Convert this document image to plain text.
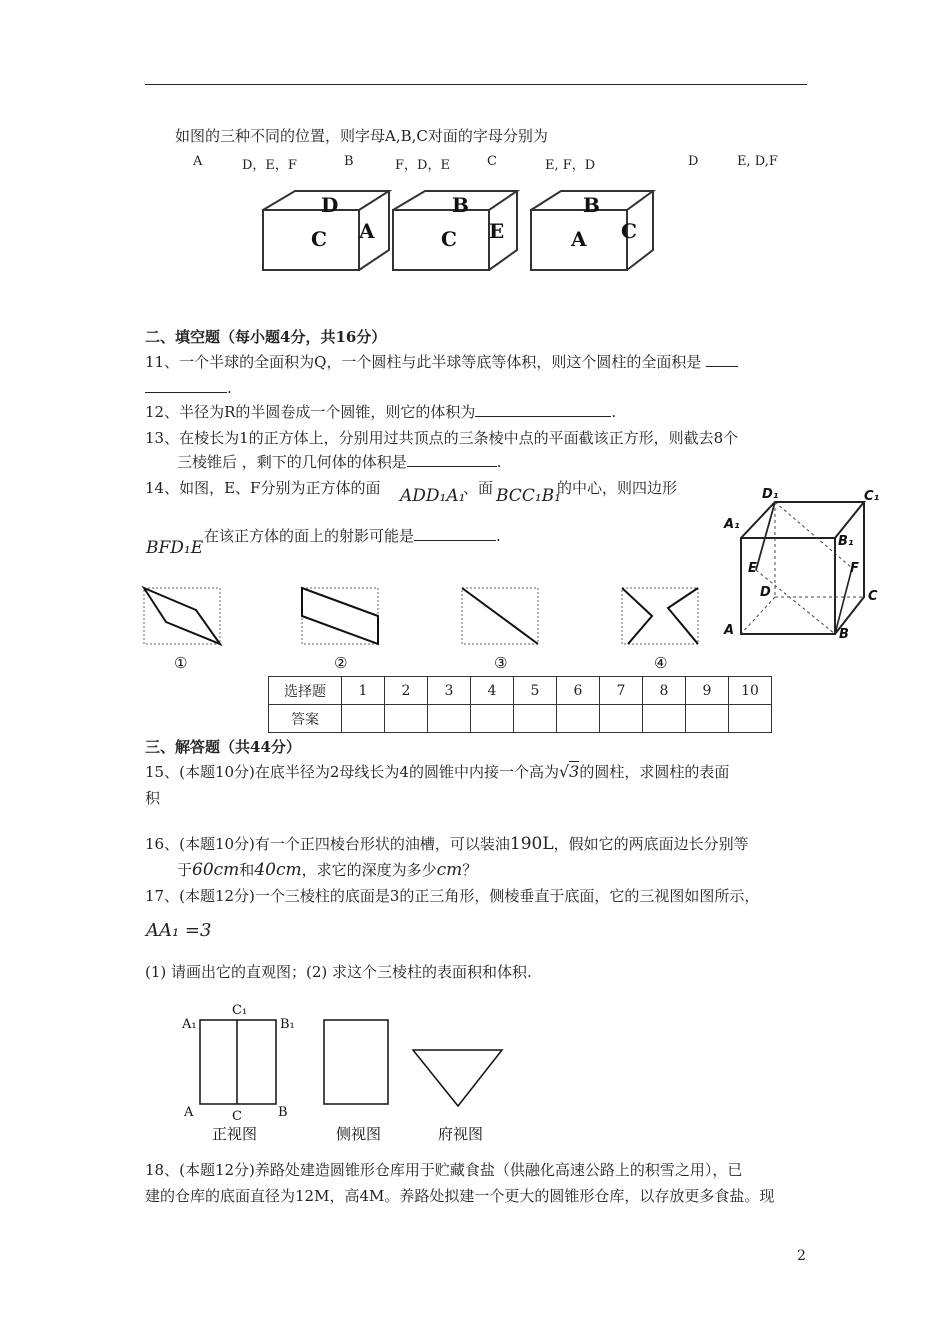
如图的三种不同的位置，则字母A,B,C对面的字母分别为
A	D，E，F	B	F，D，E	C	E, F，D	D	E, D,F
D
C A
B
C E
B
A C
二、填空题（每小题4分，共16分）
11、一个半球的全面积为Q，一个圆柱与此半球等底等体积，则这个圆柱的全面积是
.
12、半径为R的半圆卷成一个圆锥，则它的体积为	.
13、在棱长为1的正方体上，分别用过共顶点的三条棱中点的平面截该正方形，则截去8个
三棱锥后 ，剩下的几何体的体积是	.
14、如图，E、F分别为正方体的面 ADD₁A₁
、面 BCC₁B₁
的中心，则四边形
在该正方体的面上的射影可能是	.
BFD₁E
D₁	C₁
A₁
B₁
E	F
D	C
A	B
①	②	③	④
选择题	1	2	3	4	5	6	7	8	9	10
答案										
三、解答题（共44分）
15、(本题10分)在底半径为2母线长为4的圆锥中内接一个高为√3的圆柱，求圆柱的表面
积
16、(本题10分)有一个正四棱台形状的油槽，可以装油190L，假如它的两底面边长分别等
于60cm和40cm，求它的深度为多少cm？
17、(本题12分)一个三棱柱的底面是3的正三角形，侧棱垂直于底面，它的三视图如图所示，
AA₁ =3
(1) 请画出它的直观图；(2) 求这个三棱柱的表面积和体积.
C₁
A₁	B₁
A	C	B
正视图	侧视图	府视图
18、(本题12分)养路处建造圆锥形仓库用于贮藏食盐（供融化高速公路上的积雪之用），已
建的仓库的底面直径为12M，高4M。养路处拟建一个更大的圆锥形仓库，以存放更多食盐。现
2
